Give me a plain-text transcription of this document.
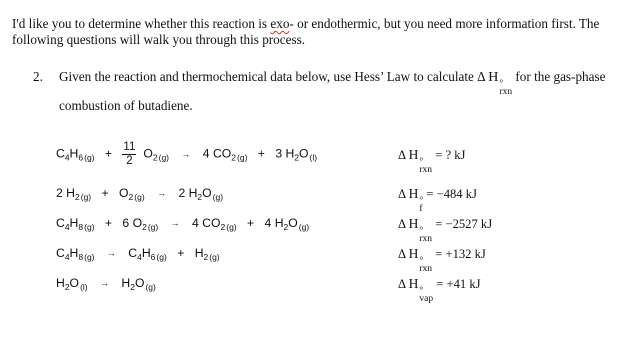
I'd like you to determine whether this reaction is exo- or endothermic, but you need more information first. The following questions will walk you through this process.
2. Given the reaction and thermochemical data below, use Hess’ Law to calculate Δ  H °
rxn
for the gas-phase combustion of butadiene.
$C_4H_6$ $_{(g)} + \frac{11}{2} O_2$ $_{(g)}$ → 4 $CO_2$ $_{(g)}$ + 3 $H_2O$ $_{(l)}$	Δ  H °
rxn
= ? kJ
2 $H_2$ $_{(g)} + O_2$ $_{(g)}$ → 2 $H_2O$ $_{(g)}$	Δ  H °
f
= −484 kJ
$C_4H_8$ $_{(g)}$ + 6 $O_2$ $_{(g)}$ → 4 $CO_2$ $_{(g)}$ + 4 $H_2O$ $_{(g)}$	Δ  H °
rxn
= −2527 kJ
$C_4H_8$ $_{(g)} \to C_4H_6$ $_{(g)} + H_2$ $_{(g)}$	Δ  H °
rxn
= +132 kJ
$H_2O$ $_{(l)} \to H_2O$ $_{(g)}$	Δ  H °
vap
= +41 kJ
